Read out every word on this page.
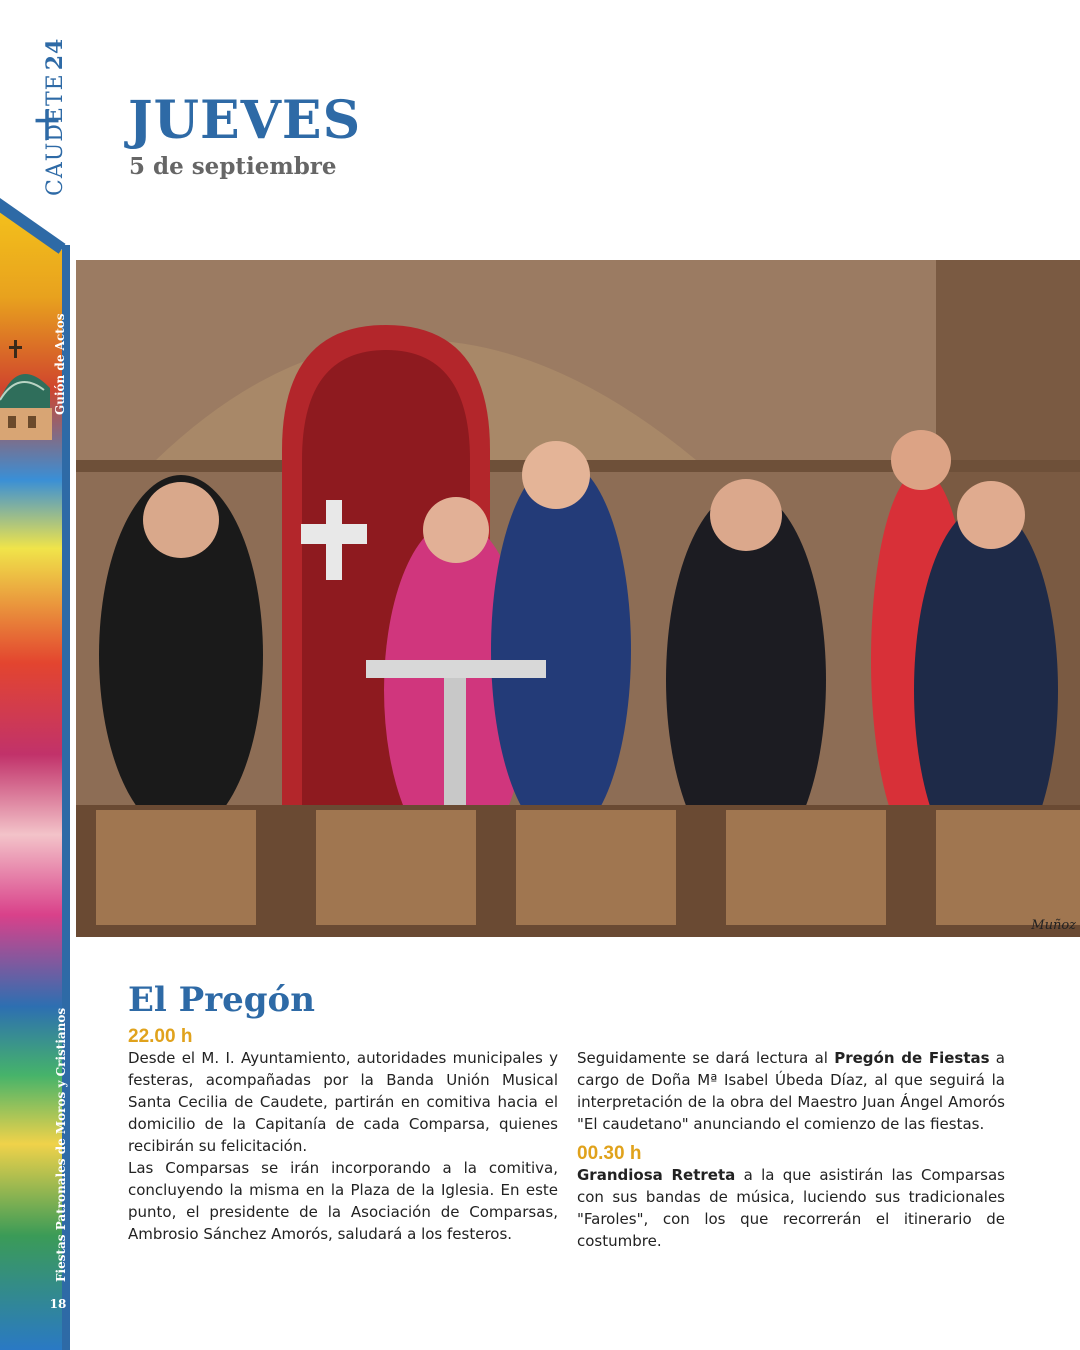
Guión de Actos
Fiestas Patronales de Moros y Cristianos
18
CAUDETE24
JUEVES
5 de septiembre
Muñoz
El Pregón
22.00 h

Desde el M. I. Ayuntamiento, autoridades municipales y festeras, acompañadas por la Banda Unión Musical Santa Cecilia de Caudete, partirán en comitiva hacia el domicilio de la Capitanía de cada Comparsa, quienes recibirán su felicitación.

Las Comparsas se irán incorporando a la comitiva, concluyendo la misma en la Plaza de la Iglesia. En este punto, el presidente de la Asociación de Comparsas, Ambrosio Sánchez Amorós, saludará a los festeros.

Seguidamente se dará lectura al Pregón de Fiestas a cargo de Doña Mª Isabel Úbeda Díaz, al que seguirá la interpretación de la obra del Maestro Juan Ángel Amorós "El caudetano" anunciando el comienzo de las fiestas.

00.30 h

Grandiosa Retreta a la que asistirán las Comparsas con sus bandas de música, luciendo sus tradicionales "Faroles", con los que recorrerán el itinerario de costumbre.
